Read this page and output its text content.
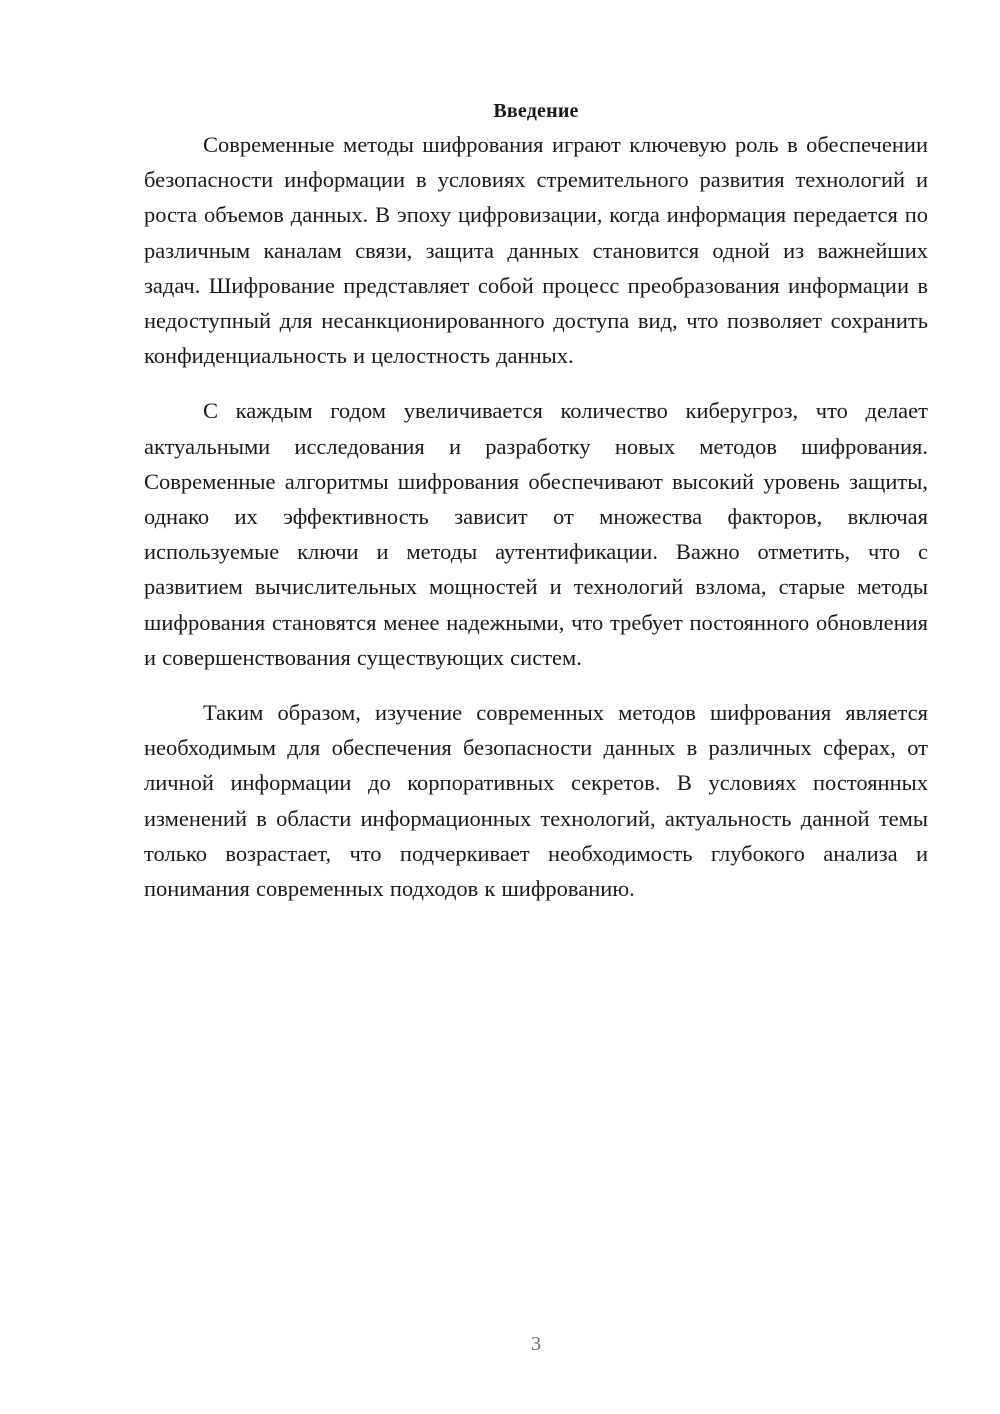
Введение

Современные методы шифрования играют ключевую роль в обеспечении безопасности информации в условиях стремительного развития технологий и роста объемов данных. В эпоху цифровизации, когда информация передается по различным каналам связи, защита данных становится одной из важнейших задач. Шифрование представляет собой процесс преобразования информации в недоступный для несанкционированного доступа вид, что позволяет сохранить конфиденциальность и целостность данных.

С каждым годом увеличивается количество киберугроз, что делает актуальными исследования и разработку новых методов шифрования. Современные алгоритмы шифрования обеспечивают высокий уровень защиты, однако их эффективность зависит от множества факторов, включая используемые ключи и методы аутентификации. Важно отметить, что с развитием вычислительных мощностей и технологий взлома, старые методы шифрования становятся менее надежными, что требует постоянного обновления и совершенствования существующих систем.

Таким образом, изучение современных методов шифрования является необходимым для обеспечения безопасности данных в различных сферах, от личной информации до корпоративных секретов. В условиях постоянных изменений в области информационных технологий, актуальность данной темы только возрастает, что подчеркивает необходимость глубокого анализа и понимания современных подходов к шифрованию.

3
